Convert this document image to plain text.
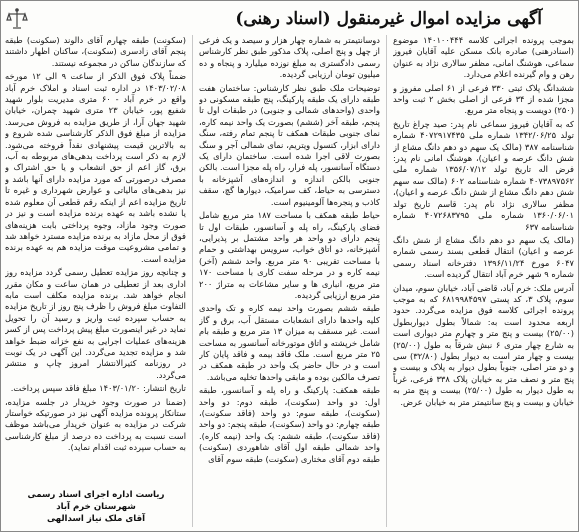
آگهی مزایده اموال غیرمنقول (اسناد رهنی)

بموجب پرونده اجرائی کلاسه ۱۴۰۱۰۰۴۴۴ موضوع (اسنادرهنی) صادره بانک مسکن علیه آقایان فیروز سماعی، هوشنگ امانی، مظفر سالاری نژاد به عنوان رهن و وام گیرنده اعلام می‌دارد.

ششدانگ پلاک ثبتی ۳۳۰ فرعی از ۶۱ اصلی مفروز و مجزا شده از ۳۴ فرعی از اصلی بخش ۲ ثبت واحد (۲۵۰) دویست و پنجاه متر مربع.

که به آقایان فیروز سماعی نام پدر: صید چراغ تاریخ تولد ۱۳۴۲/۰۶/۲۵ شماره ملی ۴۰۷۲۹۱۷۴۳۵ شماره شناسنامه ۳۸۷ (مالک یک سهم دو دهم دانگ مشاع از شش دانگ عرصه و اعیان)، هوشنگ امانی نام پدر: فرض اله تاریخ تولد ۱۳۵۶/۰۷/۱۲ شماره ملی ۴۰۷۳۸۹۷۵۶۲ شماره شناسنامه ۶۰۲ (مالک سه سهم شش دهم دانگ مشاع از شش دانگ عرصه و اعیان)، مظفر سالاری نژاد نام پدر: قاسم تاریخ تولد ۱۳۶۰/۰۶/۰۱ شماره ملی ۴۰۷۲۶۸۳۷۹۵ شماره شناسنامه ۶۳۷

(مالک یک سهم دو دهم دانگ مشاع از شش دانگ عرصه و اعیان) انتقال قطعی بسند رسمی شماره ۶۰۴۷ مورخ ۱۳۹۶/۱۱/۲۴ دفترخانه اسناد رسمی شماره ۹ شهر خرم آباد انتقال گردیده است.

آدرس ملک: خرم آباد، قاضی آباد، خیابان سوم، میدان سوم، پلاک ۳، کد پستی ۶۸۱۹۹۸۴۵۹۷ که به موجب پرونده اجرائی کلاسه فوق مزایده می‌گردد. حدود اربعه محدود است به: شمالاً بطول دیواربطول (۲۵/۰۰) بیست و پنج متر و چهارم متر دیواری است به شارع چهار متری ۶ نبش شرقاً به طول (۲۵/۰۰) بیست و چهار متر است به دیوار بطول (۳۲/۸۰) سی و دو متر اصلی، جنوباً بطول دیوار به پلاک و بیست و پنج متر و نصف متر به خیابان پلاک ۳۳۸ فرعی، غرباً به طول دیوار به طول (۲۵/۰۰) بیست و پنج متر به خیابان و بیست و پنج سانتیمتر متر به خیابان عرض.

دوسانتیمتر به شماره چهار هزار و سیصد و یک فرعی از چهل و پنج اصلی، پلاک مذکور طبق نظر کارشناس رسمی دادگستری به مبلغ نوزده میلیارد و پنجاه و ده میلیون تومان ارزیابی گردیده.

توضیحات ملک طبق نظر کارشناس: ساختمان هفت طبقه دارای یک طبقه پارکینگ، پنج طبقه مسکونی دو واحدی (واحدهای شمالی و جنوبی) در طبقات اول تا پنجم، طبقه آخر (ششم) بصورت یک واحد نیمه کاره، نمای جنوبی طبقات همکف تا پنجم تمام رفته، سنگ دارای ابزار، کنسول ویتریم، نمای شمالی آجر و سنگ بصورت لاقی اجرا شده است. ساختمان دارای یک دستگاه آسانسور، پله فرار، راه پله مجزا است. بالکن جنوبی بالکن اندازه و اندازه‌های آشپزخانه با دسترسی به حیاط، کف سرامیک، دیوارها گچ، سقف کاذب و پنجره‌ها آلومینیوم است.

حیاط طبقه همکف با مساحت ۱۸۷ متر مربع شامل فضای پارکینگ، راه پله و آسانسور، طبقات اول تا پنجم دارای دو واحد هر واحد مشتمل بر پذیرایی، آشپزخانه، دو اتاق خواب، سرویس بهداشتی و حمام با مساحت تقریبی ۹۰ متر مربع. واحد ششم (آخر) نیمه کاره و در مرحله سفت کاری با مساحت ۱۷۰ متر مربع، انباری ها و سایر مشاعات به متراژ ۲۰۰ متر مربع ارزیابی گردیده.

طبقه ششم بصورت واحد نیمه کاره و تک واحدی کلیه واحدها دارای انشعابات مستقل آب، برق و گاز است. غیر مسقف به میزان ۱۳ متر مربع و طبقه بام شامل خرپشته و اتاق موتورخانه آسانسور به مساحت ۲۵ متر مربع است. ملک فاقد بیمه و فاقد پایان کار است و در حال حاضر یک واحد در طبقه همکف در تصرف مالکین بوده و مابقی واحدها تخلیه می‌باشد.

طبقه همکف: پارکینگ و راه پله و آسانسور، طبقه اول: دو واحد (سکونت)، طبقه دوم: دو واحد (سکونت)، طبقه سوم: دو واحد (فاقد سکونت)، طبقه چهارم: دو واحد (سکونت)، طبقه پنجم: دو واحد (فاقد سکونت)، طبقه ششم: یک واحد (نیمه کاره). واحد شمالی طبقه اول آقای شاهوردی (سکونت) طبقه دوم آقای مختاری (سکونت) طبقه سوم آقای

(سکونت) طبقه چهارم آقای دالوند (سکونت) طبقه پنجم آقای زادسری (سکونت)، ساکنان اظهار داشتند که سازندگان ساکن در مجموعه نیستند.

ضمناً پلاک فوق الذکر از ساعت ۹ الی ۱۲ مورخه ۱۴۰۳/۰۲/۰۸ در اداره ثبت اسناد و املاک خرم آباد واقع در خرم آباد - ۶۰ متری مدیریت بلوار شهید شفیع پور، خیابان ۲۳ متری شهید چمران، خیابان شهید جهان آرا، از طریق مزایده به فروش می‌رسد. مزایده از مبلغ فوق الذکر کارشناسی شده شروع و به بالاترین قیمت پیشنهادی نقداً فروخته می‌شود. لازم به ذکر است پرداخت بدهی‌های مربوطه به آب، برق، گاز اعم از حق انشعاب و یا حق اشتراک و مصرف درصورتی که مورد مزایده دارای آنها باشد و نیز بدهی‌های مالیاتی و عوارض شهرداری و غیره تا تاریخ مزایده اعم از اینکه رقم قطعی آن معلوم شده یا نشده باشد به عهده برنده مزایده است و نیز در صورت وجود مازاد، وجوه پرداختی بابت هزینه‌های فوق از محل مازاد به برنده مزایده مسترد خواهد شد و تمامی مشروعیت موقت مزایده هم به عهده برنده مزایده است.

و چنانچه روز مزایده تعطیل رسمی گردد مزایده روز اداری بعد از تعطیلی در همان ساعت و مکان مقرر انجام خواهد شد. برنده مزایده مکلف است مابه التفاوت مبلغ فروش را ظرف پنج روز از تاریخ مزایده به حساب سپرده ثبت واریز و رسید آن را تحویل نماید در غیر اینصورت مبلغ پیش پرداخت پس از کسر هزینه‌های عملیات اجرایی به نفع خزانه ضبط خواهد شد و مزایده تجدید می‌گردد. این آگهی در یک نوبت در روزنامه کثیرالانتشار امروز چاپ و منتشر می‌گردد.

تاریخ انتشار: ۱۴۰۳/۰۱/۲۰ مبلغ فاقد سپس پرداخت.

(ضمنا در صورت وجود خریدار در جلسه مزایده، ستانکار پرونده مزایده آگهی نیز در صورتیکه خواستار شرکت در مزایده به عنوان خریدار می‌باشد موظف است نسبت به پرداخت ده درصد از مبلغ کارشناسی به حساب سپرده ثبت اقدام نماید).

ریاست اداره اجرای اسناد رسمی شهرستان خرم آباد
آقای ملک نیاز اسدالهی
